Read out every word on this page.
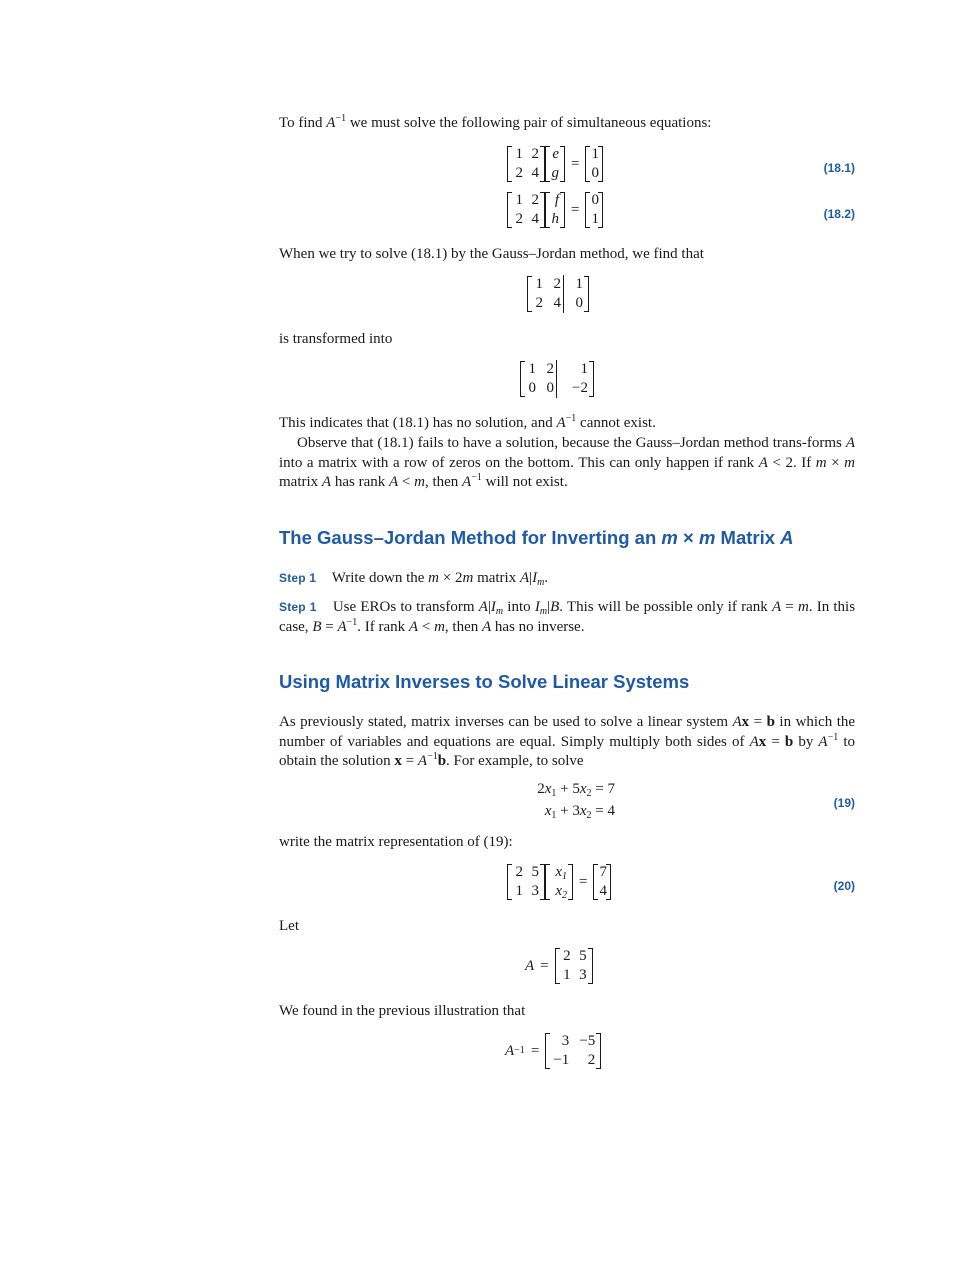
To find $A^{-1}$ we must solve the following pair of simultaneous equations:

1 2
2 4
e
g
=
1
0	(18.1)
1 2
2 4
f
h
=
0
1	(18.2)

When we try to solve (18.1) by the Gauss–Jordan method, we find that

1 2 1
2 4 0

is transformed into

1 2	1
0 0	−2

This indicates that (18.1) has no solution, and $A^{-1}$ cannot exist.

Observe that (18.1) fails to have a solution, because the Gauss–Jordan method trans-forms A into a matrix with a row of zeros on the bottom. This can only happen if rank A < 2. If m × m matrix A has rank A < m, then $A^{-1}$ will not exist.

The Gauss–Jordan Method for Inverting an m × m Matrix A
Step 1 Write down the m × 2m matrix $A|I_m$.
Step 1 Use EROs to transform $A|I_m$ into $I_m|B$. This will be possible only if rank A = m. In this case, $B = A^{-1}$. If rank A < m, then A has no inverse.
Using Matrix Inverses to Solve Linear Systems

As previously stated, matrix inverses can be used to solve a linear system Ax = b in which the number of variables and equations are equal. Simply multiply both sides of Ax = b by $A^{-1}$ to obtain the solution $x = A^{-1}b$. For example, to solve

$2x_1 + 5x_2 = 7$
$x_1 + 3x_2 = 4$	(19)

write the matrix representation of (19):

2 5
1 3
$x_1$
$x_2$
=
7
4	(20)

Let

A =
2 5
1 3

We found in the previous illustration that

A −1 =
3 −5
−1	2
